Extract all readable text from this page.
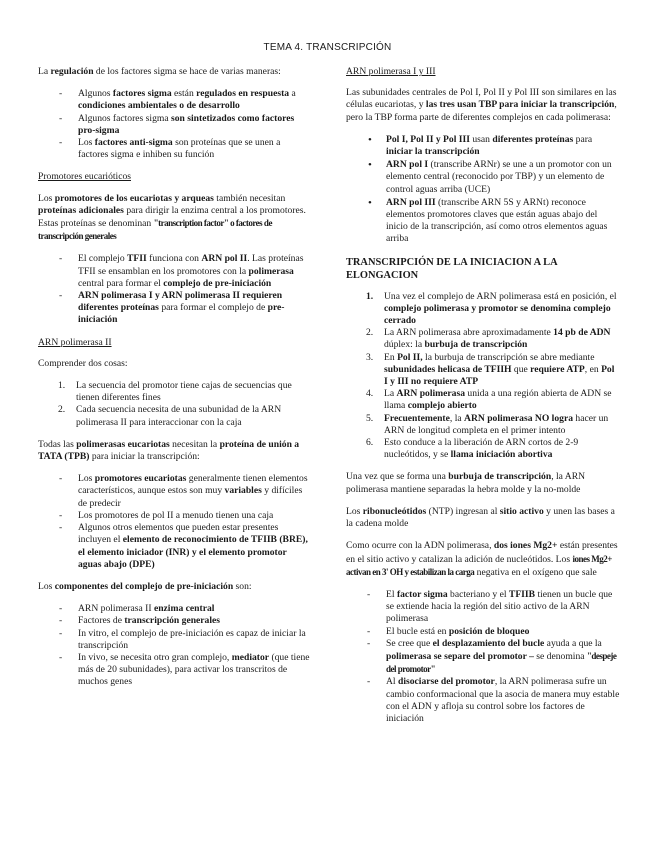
TEMA 4. TRANSCRIPCIÓN

La regulación de los factores sigma se hace de varias maneras:

- Algunos factores sigma están regulados en respuesta a condiciones ambientales o de desarrollo
- Algunos factores sigma son sintetizados como factores pro-sigma
- Los factores anti-sigma son proteínas que se unen a factores sigma e inhiben su función

Promotores eucarióticos

Los promotores de los eucariotas y arqueas también necesitan proteínas adicionales para dirigir la enzima central a los promotores. Estas proteínas se denominan "transcription factor" o factores de transcripción generales

- El complejo TFII funciona con ARN pol II. Las proteínas TFII se ensamblan en los promotores con la polimerasa central para formar el complejo de pre-iniciación
- ARN polimerasa I y ARN polimerasa II requieren diferentes proteínas para formar el complejo de pre-iniciación

ARN polimerasa II

Comprender dos cosas:

1. La secuencia del promotor tiene cajas de secuencias que tienen diferentes fines
2. Cada secuencia necesita de una subunidad de la ARN polimerasa II para interaccionar con la caja

Todas las polimerasas eucariotas necesitan la proteína de unión a TATA (TPB) para iniciar la transcripción:

- Los promotores eucariotas generalmente tienen elementos característicos, aunque estos son muy variables y difíciles de predecir
- Los promotores de pol II a menudo tienen una caja
- Algunos otros elementos que pueden estar presentes incluyen el elemento de reconocimiento de TFIIB (BRE), el elemento iniciador (INR) y el elemento promotor aguas abajo (DPE)

Los componentes del complejo de pre-iniciación son:

- ARN polimerasa II enzima central
- Factores de transcripción generales
- In vitro, el complejo de pre-iniciación es capaz de iniciar la transcripción
- In vivo, se necesita otro gran complejo, mediator (que tiene más de 20 subunidades), para activar los transcritos de muchos genes

ARN polimerasa I y III

Las subunidades centrales de Pol I, Pol II y Pol III son similares en las células eucariotas, y las tres usan TBP para iniciar la transcripción, pero la TBP forma parte de diferentes complejos en cada polimerasa:

• Pol I, Pol II y Pol III usan diferentes proteínas para iniciar la transcripción
• ARN pol I (transcribe ARNr) se une a un promotor con un elemento central (reconocido por TBP) y un elemento de control aguas arriba (UCE)
• ARN pol III (transcribe ARN 5S y ARNt) reconoce elementos promotores claves que están aguas abajo del inicio de la transcripción, así como otros elementos aguas arriba

TRANSCRIPCIÓN DE LA INICIACION A LA ELONGACION

1. Una vez el complejo de ARN polimerasa está en posición, el complejo polimerasa y promotor se denomina complejo cerrado
2. La ARN polimerasa abre aproximadamente 14 pb de ADN dúplex: la burbuja de transcripción
3. En Pol II, la burbuja de transcripción se abre mediante subunidades helicasa de TFIIH que requiere ATP, en Pol I y III no requiere ATP
4. La ARN polimerasa unida a una región abierta de ADN se llama complejo abierto
5. Frecuentemente, la ARN polimerasa NO logra hacer un ARN de longitud completa en el primer intento
6. Esto conduce a la liberación de ARN cortos de 2-9 nucleótidos, y se llama iniciación abortiva

Una vez que se forma una burbuja de transcripción, la ARN polimerasa mantiene separadas la hebra molde y la no-molde

Los ribonucleótidos (NTP) ingresan al sitio activo y unen las bases a la cadena molde

Como ocurre con la ADN polimerasa, dos iones Mg2+ están presentes en el sitio activo y catalizan la adición de nucleótidos. Los iones Mg2+ activan en 3' OH y estabilizan la carga negativa en el oxígeno que sale

- El factor sigma bacteriano y el TFIIB tienen un bucle que se extiende hacia la región del sitio activo de la ARN polimerasa
- El bucle está en posición de bloqueo
- Se cree que el desplazamiento del bucle ayuda a que la polimerasa se separe del promotor – se denomina "despeje del promotor"
- Al disociarse del promotor, la ARN polimerasa sufre un cambio conformacional que la asocia de manera muy estable con el ADN y afloja su control sobre los factores de iniciación
